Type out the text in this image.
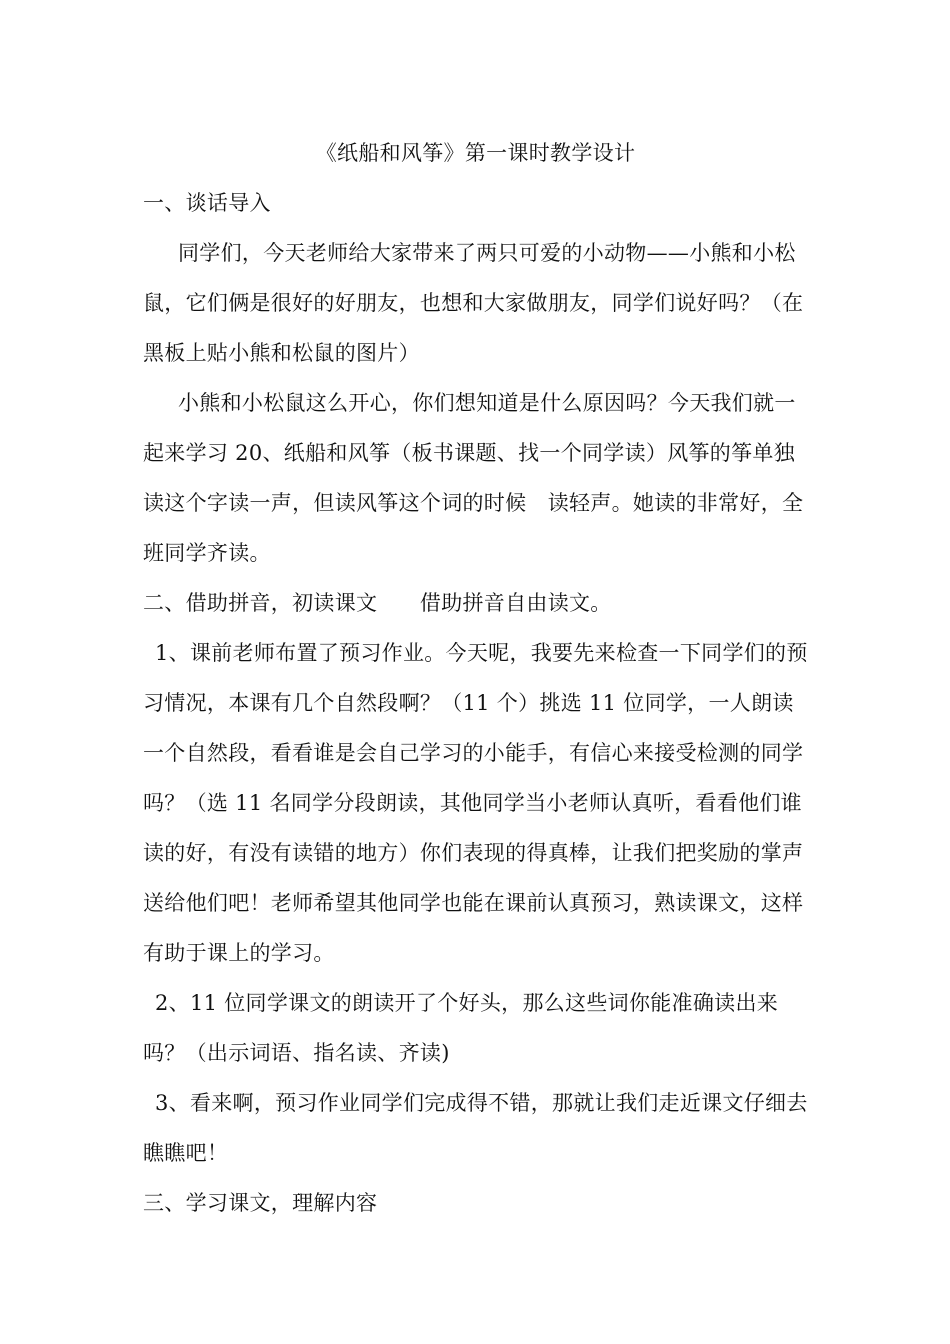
《纸船和风筝》第一课时教学设计

一、谈话导入

同学们，今天老师给大家带来了两只可爱的小动物——小熊和小松鼠，它们俩是很好的好朋友，也想和大家做朋友，同学们说好吗？（在黑板上贴小熊和松鼠的图片）

小熊和小松鼠这么开心，你们想知道是什么原因吗？今天我们就一起来学习 20、纸船和风筝（板书课题、找一个同学读）风筝的筝单独读这个字读一声，但读风筝这个词的时候　读轻声。她读的非常好，全班同学齐读。

二、借助拼音，初读课文　　借助拼音自由读文。

1、课前老师布置了预习作业。今天呢，我要先来检查一下同学们的预习情况，本课有几个自然段啊？（11 个）挑选 11 位同学，一人朗读一个自然段，看看谁是会自己学习的小能手，有信心来接受检测的同学吗？（选 11 名同学分段朗读，其他同学当小老师认真听，看看他们谁读的好，有没有读错的地方）你们表现的得真棒，让我们把奖励的掌声送给他们吧！老师希望其他同学也能在课前认真预习，熟读课文，这样有助于课上的学习。

2、11 位同学课文的朗读开了个好头，那么这些词你能准确读出来吗？（出示词语、指名读、齐读)

3、看来啊，预习作业同学们完成得不错，那就让我们走近课文仔细去瞧瞧吧！

三、学习课文，理解内容
